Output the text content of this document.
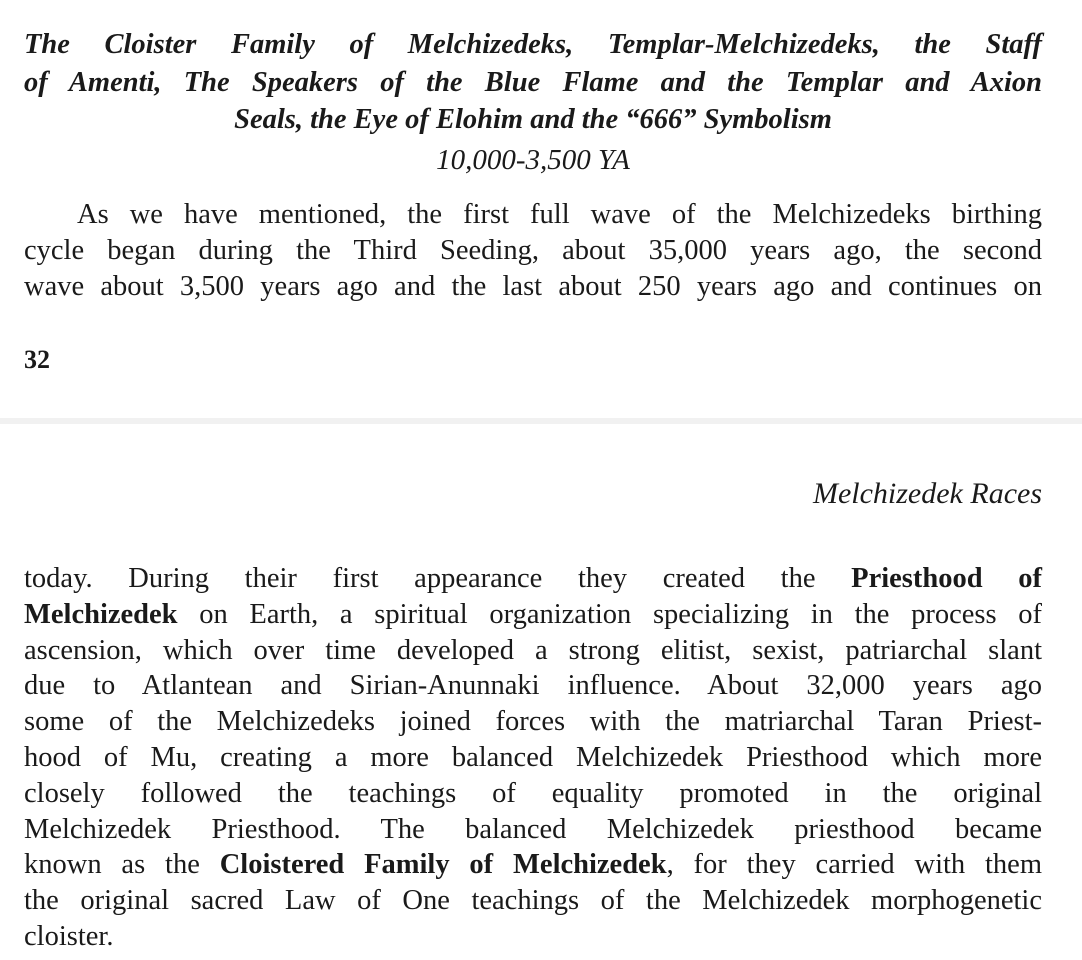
The Cloister Family of Melchizedeks, Templar-Melchizedeks, the Staff
of Amenti, The Speakers of the Blue Flame and the Templar and Axion
Seals, the Eye of Elohim and the “666” Symbolism
10,000-3,500 YA
As we have mentioned, the first full wave of the Melchizedeks birthing
cycle began during the Third Seeding, about 35,000 years ago, the second
wave about 3,500 years ago and the last about 250 years ago and continues on
32
Melchizedek Races
today. During their first appearance they created the Priesthood of
Melchizedek on Earth, a spiritual organization specializing in the process of
ascension, which over time developed a strong elitist, sexist, patriarchal slant
due to Atlantean and Sirian-Anunnaki influence. About 32,000 years ago
some of the Melchizedeks joined forces with the matriarchal Taran Priest-
hood of Mu, creating a more balanced Melchizedek Priesthood which more
closely followed the teachings of equality promoted in the original
Melchizedek Priesthood. The balanced Melchizedek priesthood became
known as the Cloistered Family of Melchizedek, for they carried with them
the original sacred Law of One teachings of the Melchizedek morphogenetic
cloister.
